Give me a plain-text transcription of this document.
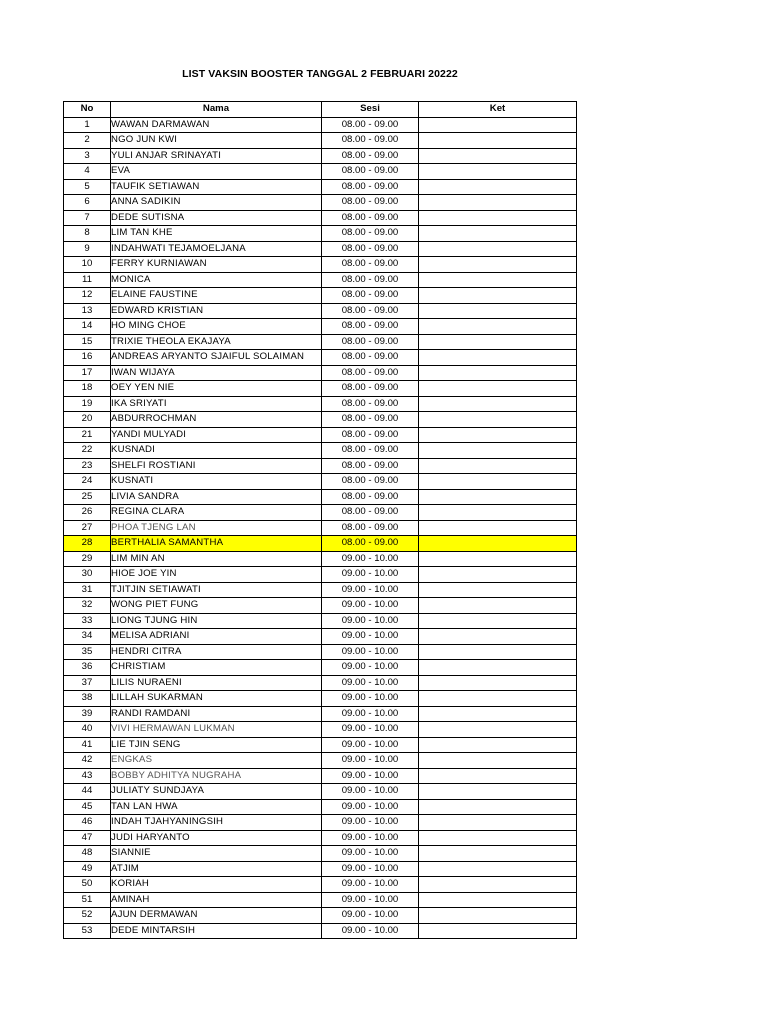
LIST VAKSIN BOOSTER TANGGAL 2 FEBRUARI 20222
No	Nama	Sesi	Ket
1	WAWAN DARMAWAN	08.00 - 09.00	
2	NGO JUN KWI	08.00 - 09.00	
3	YULI ANJAR SRINAYATI	08.00 - 09.00	
4	EVA	08.00 - 09.00	
5	TAUFIK SETIAWAN	08.00 - 09.00	
6	ANNA SADIKIN	08.00 - 09.00	
7	DEDE SUTISNA	08.00 - 09.00	
8	LIM TAN KHE	08.00 - 09.00	
9	INDAHWATI TEJAMOELJANA	08.00 - 09.00	
10	FERRY KURNIAWAN	08.00 - 09.00	
11	MONICA	08.00 - 09.00	
12	ELAINE FAUSTINE	08.00 - 09.00	
13	EDWARD KRISTIAN	08.00 - 09.00	
14	HO MING CHOE	08.00 - 09.00	
15	TRIXIE THEOLA EKAJAYA	08.00 - 09.00	
16	ANDREAS ARYANTO SJAIFUL SOLAIMAN	08.00 - 09.00	
17	IWAN WIJAYA	08.00 - 09.00	
18	OEY YEN NIE	08.00 - 09.00	
19	IKA SRIYATI	08.00 - 09.00	
20	ABDURROCHMAN	08.00 - 09.00	
21	YANDI MULYADI	08.00 - 09.00	
22	KUSNADI	08.00 - 09.00	
23	SHELFI ROSTIANI	08.00 - 09.00	
24	KUSNATI	08.00 - 09.00	
25	LIVIA SANDRA	08.00 - 09.00	
26	REGINA CLARA	08.00 - 09.00	
27	PHOA TJENG LAN	08.00 - 09.00	
28	BERTHALIA SAMANTHA	08.00 - 09.00	
29	LIM MIN AN	09.00 - 10.00	
30	HIOE JOE YIN	09.00 - 10.00	
31	TJITJIN SETIAWATI	09.00 - 10.00	
32	WONG PIET FUNG	09.00 - 10.00	
33	LIONG TJUNG HIN	09.00 - 10.00	
34	MELISA ADRIANI	09.00 - 10.00	
35	HENDRI CITRA	09.00 - 10.00	
36	CHRISTIAM	09.00 - 10.00	
37	LILIS NURAENI	09.00 - 10.00	
38	LILLAH SUKARMAN	09.00 - 10.00	
39	RANDI RAMDANI	09.00 - 10.00	
40	VIVI HERMAWAN LUKMAN	09.00 - 10.00	
41	LIE TJIN SENG	09.00 - 10.00	
42	ENGKAS	09.00 - 10.00	
43	BOBBY ADHITYA NUGRAHA	09.00 - 10.00	
44	JULIATY SUNDJAYA	09.00 - 10.00	
45	TAN LAN HWA	09.00 - 10.00	
46	INDAH TJAHYANINGSIH	09.00 - 10.00	
47	JUDI HARYANTO	09.00 - 10.00	
48	SIANNIE	09.00 - 10.00	
49	ATJIM	09.00 - 10.00	
50	KORIAH	09.00 - 10.00	
51	AMINAH	09.00 - 10.00	
52	AJUN DERMAWAN	09.00 - 10.00	
53	DEDE MINTARSIH	09.00 - 10.00	
